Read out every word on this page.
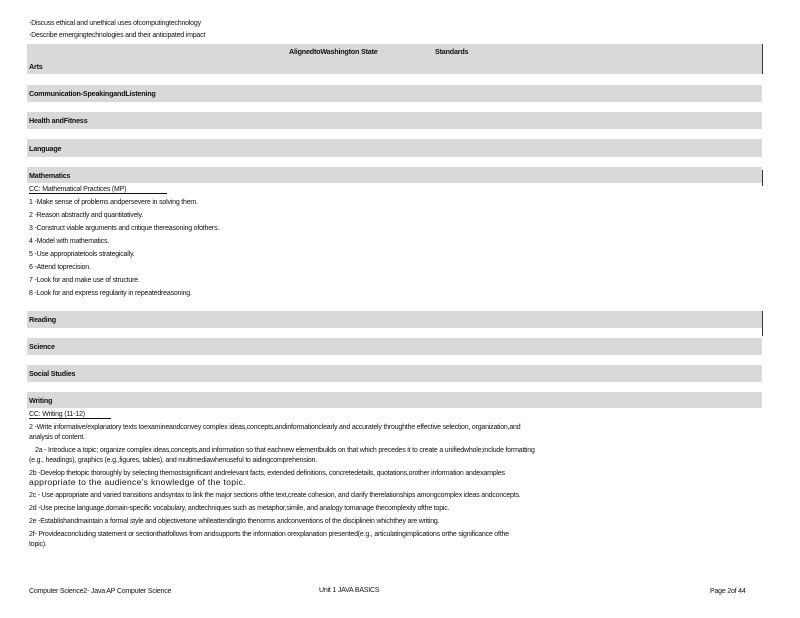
-Discuss ethical and unethical uses ofcomputingtechnology
-Describe emergingtechnologies and their anticipated impact
AlignedtoWashington State	Standards
Arts
Communication-SpeakingandListening
Health andFitness
Language
Mathematics
CC: Mathematical Practices (MP)
1 -Make sense of problems andpersevere in solving them.
2 -Reason abstractly and quantitatively.
3 -Construct viable arguments and critique thereasoning ofothers.
4 -Model with mathematics.
5 -Use appropriatetools strategically.
6 -Attend toprecision.
7 -Look for and make use of structure.
8 -Look for and express regularity in repeatedreasoning.
Reading
Science
Social Studies
Writing
CC: Writing (11-12)
2 -Write informative/explanatory texts toexamineandconvey complex ideas,concepts,andinformationclearly and accurately throughthe effective selection, organization,and
analysis of content.
2a - Introduce a topic; organize complex ideas,concepts,and information so that eachnew elementbuilds on that which precedes it to create a unifiedwhole;include formatting
(e.g., headings), graphics (e.g.,figures, tables), and multimediawhenuseful to aidingcomprehension.
2b -Develop thetopic thoroughly by selecting themostsignificant andrelevant facts, extended definitions, concretedetails, quotations,orother information andexamples
appropriate to the audience's knowledge of the topic.
2c - Use appropriate and varied transitions andsyntax to link the major sections ofthe text,create cohesion, and clarify therelationships amongcomplex ideas andconcepts.
2d -Use precise language,domain-specific vocabulary, andtechniques such as metaphor,simile, and analogy tomanage thecomplexity ofthe topic.
2e -Establishandmaintain a formal style and objectivetone whileattendingto thenorms andconventions of the disciplinein whichthey are writing.
2f- Provideaconcluding statement or sectionthatfollows from andsupports the information orexplanation presented(e.g., articulatingimplications orthe significance ofthe
topic).
Computer Science2- Java AP Computer Science	Unit 1 JAVA BASICS	Page 2of 44
